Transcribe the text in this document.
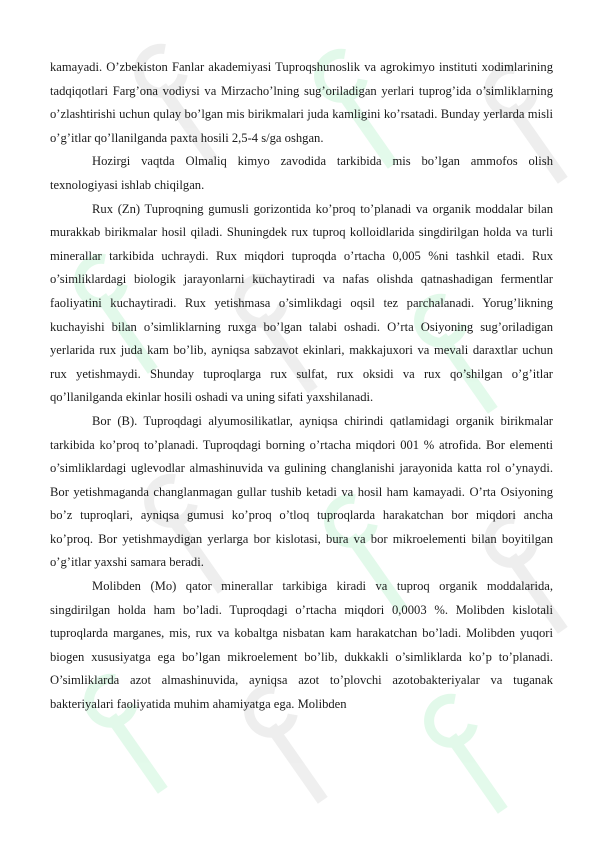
kamayadi. O’zbekiston Fanlar akademiyasi Tuproqshunoslik va agrokimyo instituti xodimlarining tadqiqotlari Farg’ona vodiysi va Mirzacho’lning sug’oriladigan yerlari tuprog’ida o’simliklarning o’zlashtirishi uchun qulay bo’lgan mis birikmalari juda kamligini ko’rsatadi. Bunday yerlarda misli o’g’itlar qo’llanilganda paxta hosili 2,5-4 s/ga oshgan.

Hozirgi vaqtda Olmaliq kimyo zavodida tarkibida mis bo’lgan ammofos olish texnologiyasi ishlab chiqilgan.

Rux (Zn) Tuproqning gumusli gorizontida ko’proq to’planadi va organik moddalar bilan murakkab birikmalar hosil qiladi. Shuningdek rux tuproq kolloidlarida singdirilgan holda va turli minerallar tarkibida uchraydi. Rux miqdori tuproqda o’rtacha 0,005 %ni tashkil etadi. Rux o’simliklardagi biologik jarayonlarni kuchaytiradi va nafas olishda qatnashadigan fermentlar faoliyatini kuchaytiradi. Rux yetishmasa o’simlikdagi oqsil tez parchalanadi. Yorug’likning kuchayishi bilan o’simliklarning ruxga bo’lgan talabi oshadi. O’rta Osiyoning sug’oriladigan yerlarida rux juda kam bo’lib, ayniqsa sabzavot ekinlari, makkajuxori va mevali daraxtlar uchun rux yetishmaydi. Shunday tuproqlarga rux sulfat, rux oksidi va rux qo’shilgan o’g’itlar qo’llanilganda ekinlar hosili oshadi va uning sifati yaxshilanadi.

Bor (B). Tuproqdagi alyumosilikatlar, ayniqsa chirindi qatlamidagi organik birikmalar tarkibida ko’proq to’planadi. Tuproqdagi borning o’rtacha miqdori 001 % atrofida. Bor elementi o’simliklardagi uglevodlar almashinuvida va gulining changlanishi jarayonida katta rol o’ynaydi. Bor yetishmaganda changlanmagan gullar tushib ketadi va hosil ham kamayadi. O’rta Osiyoning bo’z tuproqlari, ayniqsa gumusi ko’proq o’tloq tuproqlarda harakatchan bor miqdori ancha ko’proq. Bor yetishmaydigan yerlarga bor kislotasi, bura va bor mikroelementi bilan boyitilgan o’g’itlar yaxshi samara beradi.

Molibden (Mo) qator minerallar tarkibiga kiradi va tuproq organik moddalarida, singdirilgan holda ham bo’ladi. Tuproqdagi o’rtacha miqdori 0,0003 %. Molibden kislotali tuproqlarda marganes, mis, rux va kobaltga nisbatan kam harakatchan bo’ladi. Molibden yuqori biogen xususiyatga ega bo’lgan mikroelement bo’lib, dukkakli o’simliklarda ko’p to’planadi. O’simliklarda azot almashinuvida, ayniqsa azot to’plovchi azotobakteriyalar va tuganak bakteriyalari faoliyatida muhim ahamiyatga ega. Molibden
